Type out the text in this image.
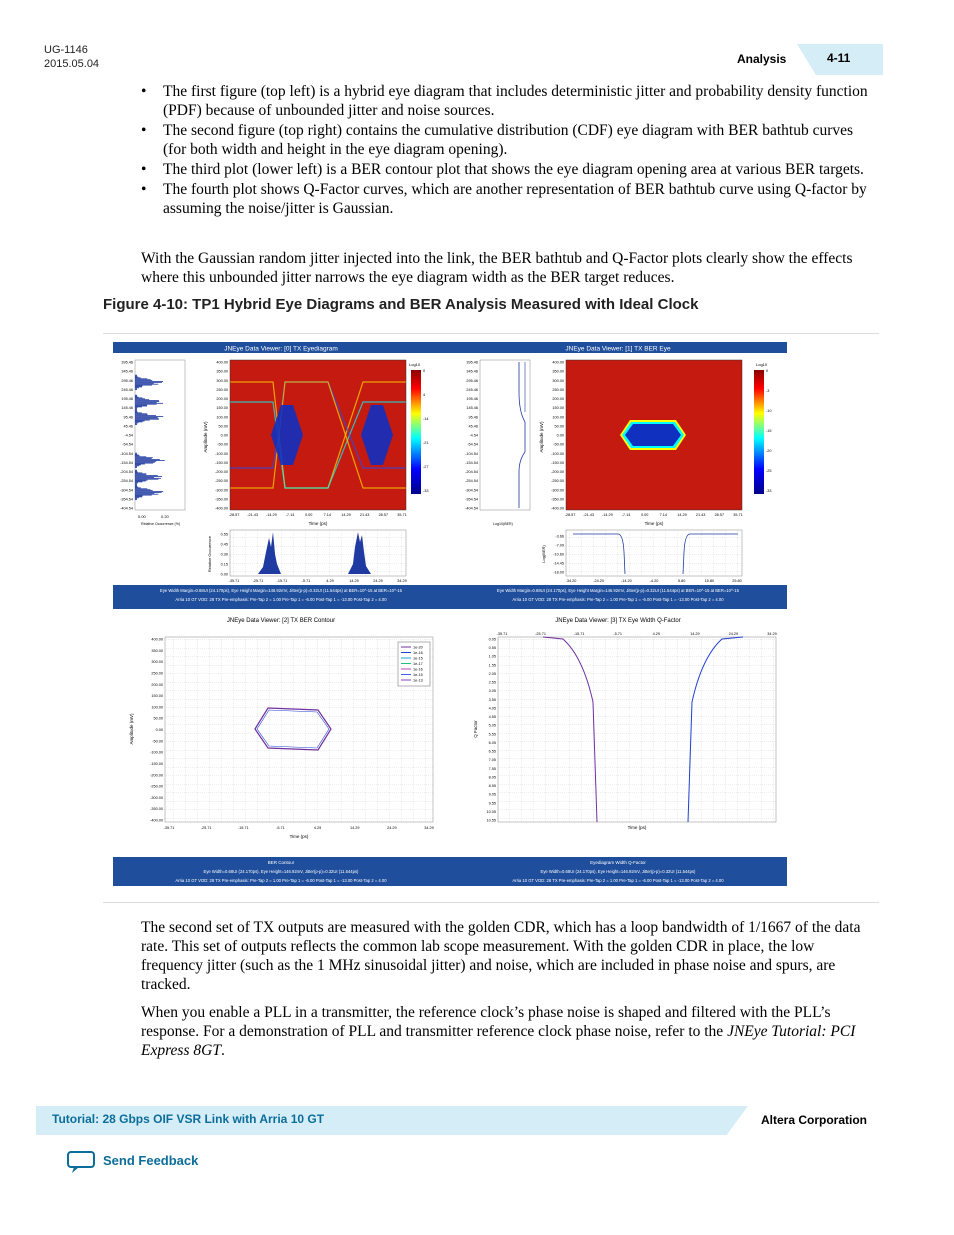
UG-1146
2015.05.04	Analysis	4-11
• The first figure (top left) is a hybrid eye diagram that includes deterministic jitter and probability density function (PDF) because of unbounded jitter and noise sources.
• The second figure (top right) contains the cumulative distribution (CDF) eye diagram with BER bathtub curves (for both width and height in the eye diagram opening).
• The third plot (lower left) is a BER contour plot that shows the eye diagram opening area at various BER targets.
• The fourth plot shows Q-Factor curves, which are another representation of BER bathtub curve using Q-factor by assuming the noise/jitter is Gaussian.

With the Gaussian random jitter injected into the link, the BER bathtub and Q-Factor plots clearly show the effects where this unbounded jitter narrows the eye diagram width as the BER target reduces.

Figure 4-10: TP1 Hybrid Eye Diagrams and BER Analysis Measured with Ideal Clock
JNEye Data Viewer: [0] TX Eyediagram	JNEye Data Viewer: [1] TX BER Eye
395.46
345.46
295.46
245.46
195.46
145.46
95.46
45.46
-4.54
-54.54
-104.54
-154.54
-204.54
-254.54
-304.54
-354.54
-404.54
0.00	0.20
Relative Occurrence (%)
400.00
350.00
300.00
250.00
200.00
150.00
100.00
50.00
0.00
-50.00
-100.00
-150.00
-200.00
-250.00
-300.00
-350.00
-400.00
-28.57 -21.43 -14.29 -7.14	0.00	7.14	14.29 21.43 28.57 35.71
Amplitude (mV)
Time (ps)
Log10
0
4
-14
-21
-27
-33
0.55
0.45
0.30
0.15
0.00
-35.71	-25.71	-15.71	-5.71	4.29	14.29	24.29	34.29
Relative Occurrence
395.46
345.46
295.46
245.46
195.46
145.46
95.46
45.46
-4.54
-54.54
-104.54
-154.54
-204.54
-254.54
-304.54
-354.54
-404.54
Log10(BER)
400.00
350.00
300.00
250.00
200.00
150.00
100.00
50.00
0.00
-50.00
-100.00
-150.00
-200.00
-250.00
-300.00
-350.00
-400.00
-28.57 -21.43 -14.29 -7.14	0.00	7.14	14.29 21.43 28.57 35.71
Amplitude (mV)
Time (ps)
Log10
0
-3
-10
-15
-20
-25
-33
-3.66
-7.09
-10.60
-14.45
-18.00
-34.20	-24.20	-14.20	-4.20	5.80	15.80	25.80
Log(BER)
Eye Width Margin=0.68UI (24.170ps), Eye Height Margin=146.92mV, Jitter(p-p)=0.32UI (11.544ps) at BER=10^-15 at BER=10^-15
Arria 10 GT VOD: 28 TX Pre-emphasis: Pre-Tap 2 = 1.00 Pre-Tap 1 = -6.00 Post-Tap 1 = -13.00 Post-Tap 2 = 4.00
Eye Width Margin=0.68UI (24.170ps), Eye Height Margin=146.92mV, Jitter(p-p)=0.32UI (11.544ps) at BER=10^-15 at BER=10^-15
Arria 10 GT VOD: 28 TX Pre-emphasis: Pre-Tap 2 = 1.00 Pre-Tap 1 = -6.00 Post-Tap 1 = -13.00 Post-Tap 2 = 4.00
JNEye Data Viewer: [2] TX BER Contour	JNEye Data Viewer: [3] TX Eye Width Q-Factor
400.00
350.00
300.00
250.00
200.00
150.00
100.00
50.00
0.00
-50.00
-100.00
-150.00
-200.00
-250.00
-300.00
-350.00
-400.00
-35.71	-25.71	-15.71	-5.71	4.29	14.29	24.29	34.29
Amplitude (mV)
Time (ps)
1e-20
1e-16
1e-15
1e-17
1e-16
1e-15
1e-13
0.05
0.55
1.05
1.55
2.05
2.55
3.05
3.55
4.05
4.55
5.05
5.55
6.05
6.55
7.05
7.55
8.05
8.55
9.05
9.55
10.05
10.55
-35.71	-25.71	-15.71	-5.71	4.29	14.29	24.29	34.29
Q Factor
Time (ps)
BER Contour
Eye Width=0.68UI (24.170ps), Eye Height=146.92mV, Jitter(p-p)=0.32UI (11.544ps)
Arria 10 GT VOD: 28 TX Pre-emphasis: Pre-Tap 2 = 1.00 Pre-Tap 1 = -6.00 Post-Tap 1 = -13.00 Post-Tap 2 = 4.00
Eyediagram Width Q-Factor
Eye Width=0.68UI (24.170ps), Eye Height=146.92mV, Jitter(p-p)=0.32UI (11.544ps)
Arria 10 GT VOD: 28 TX Pre-emphasis: Pre-Tap 2 = 1.00 Pre-Tap 1 = -6.00 Post-Tap 1 = -13.00 Post-Tap 2 = 4.00

The second set of TX outputs are measured with the golden CDR, which has a loop bandwidth of 1/1667 of the data rate. This set of outputs reflects the common lab scope measurement. With the golden CDR in place, the low frequency jitter (such as the 1 MHz sinusoidal jitter) and noise, which are included in phase noise and spurs, are tracked.

When you enable a PLL in a transmitter, the reference clock’s phase noise is shaped and filtered with the PLL’s response. For a demonstration of PLL and transmitter reference clock phase noise, refer to the JNEye Tutorial: PCI Express 8GT.

Tutorial: 28 Gbps OIF VSR Link with Arria 10 GT	Altera Corporation
Send Feedback
